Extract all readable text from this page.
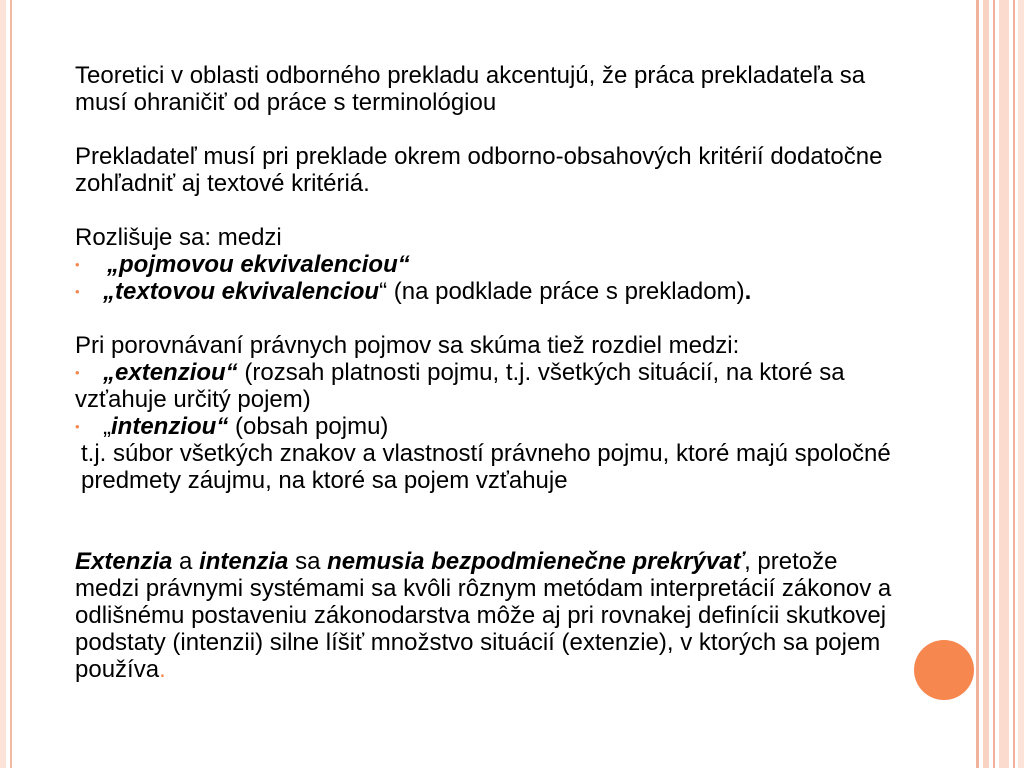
Teoretici v oblasti odborného prekladu akcentujú, že práca prekladateľa sa musí ohraničiť od práce s terminológiou

Prekladateľ musí pri preklade okrem odborno-obsahových kritérií dodatočne zohľadniť aj textové kritériá.

Rozlišuje sa: medzi

• „pojmovou ekvivalenciou“

• „textovou ekvivalenciou“ (na podklade práce s prekladom).

Pri porovnávaní právnych pojmov sa skúma tiež rozdiel medzi:

• „extenziou“ (rozsah platnosti pojmu, t.j. všetkých situácií, na ktoré sa vzťahuje určitý pojem)

• „intenziou“ (obsah pojmu)

t.j. súbor všetkých znakov a vlastností právneho pojmu, ktoré majú spoločné predmety záujmu, na ktoré sa pojem vzťahuje

Extenzia a intenzia sa nemusia bezpodmienečne prekrývať, pretože medzi právnymi systémami sa kvôli rôznym metódam interpretácií zákonov a odlišnému postaveniu zákonodarstva môže aj pri rovnakej definícii skutkovej podstaty (intenzii) silne líšiť množstvo situácií (extenzie), v ktorých sa pojem používa.
